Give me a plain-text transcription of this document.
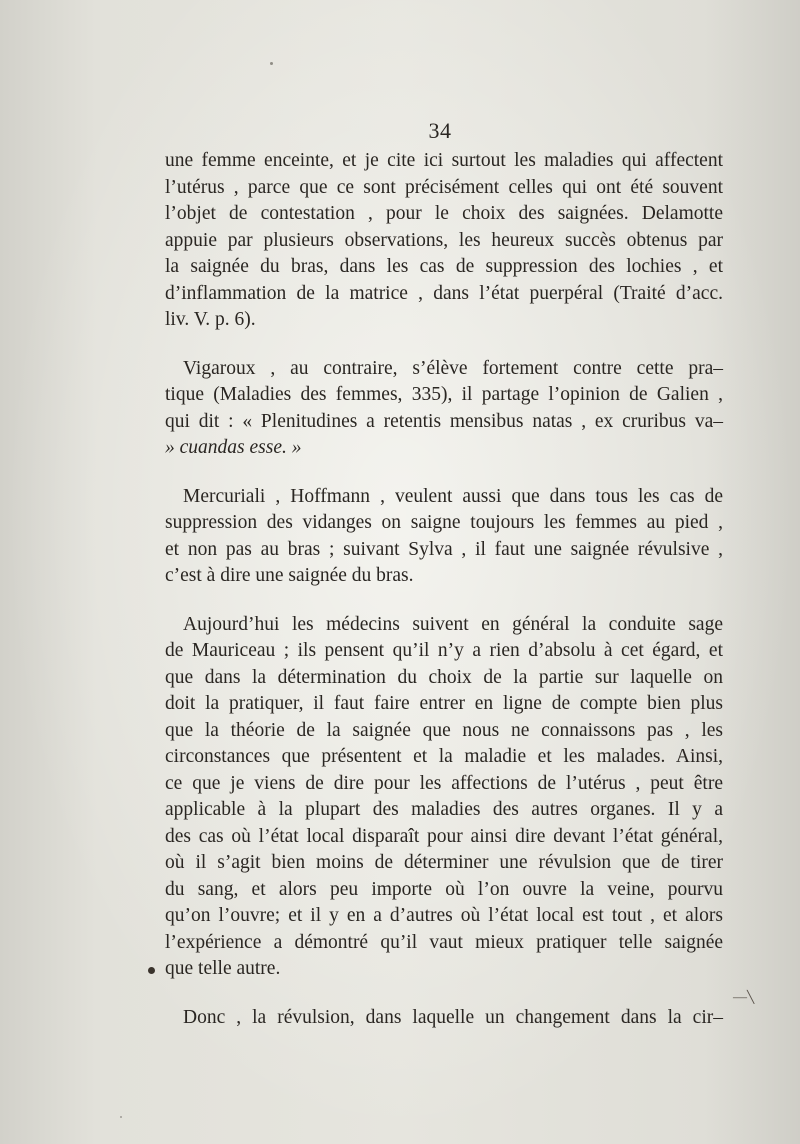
34

une femme enceinte, et je cite ici surtout les maladies qui affectent
l’utérus , parce que ce sont précisément celles qui ont été souvent
l’objet de contestation , pour le choix des saignées. Delamotte
appuie par plusieurs observations, les heureux succès obtenus par
la saignée du bras, dans les cas de suppression des lochies , et
d’inflammation de la matrice , dans l’état puerpéral (Traité d’acc.
liv. V. p. 6).

Vigaroux , au contraire, s’élève fortement contre cette pra–
tique (Maladies des femmes, 335), il partage l’opinion de Galien ,
qui dit : « Plenitudines a retentis mensibus natas , ex cruribus va–
» cuandas esse. »

Mercuriali , Hoffmann , veulent aussi que dans tous les cas de
suppression des vidanges on saigne toujours les femmes au pied ,
et non pas au bras ; suivant Sylva , il faut une saignée révulsive ,
c’est à dire une saignée du bras.

Aujourd’hui les médecins suivent en général la conduite sage
de Mauriceau ; ils pensent qu’il n’y a rien d’absolu à cet égard, et
que dans la détermination du choix de la partie sur laquelle on
doit la pratiquer, il faut faire entrer en ligne de compte bien plus
que la théorie de la saignée que nous ne connaissons pas , les
circonstances que présentent et la maladie et les malades. Ainsi,
ce que je viens de dire pour les affections de l’utérus , peut être
applicable à la plupart des maladies des autres organes. Il y a
des cas où l’état local disparaît pour ainsi dire devant l’état général,
où il s’agit bien moins de déterminer une révulsion que de tirer
du sang, et alors peu importe où l’on ouvre la veine, pourvu
qu’on l’ouvre; et il y en a d’autres où l’état local est tout , et alors
l’expérience a démontré qu’il vaut mieux pratiquer telle saignée
que telle autre.

Donc , la révulsion, dans laquelle un changement dans la cir–

―╲
